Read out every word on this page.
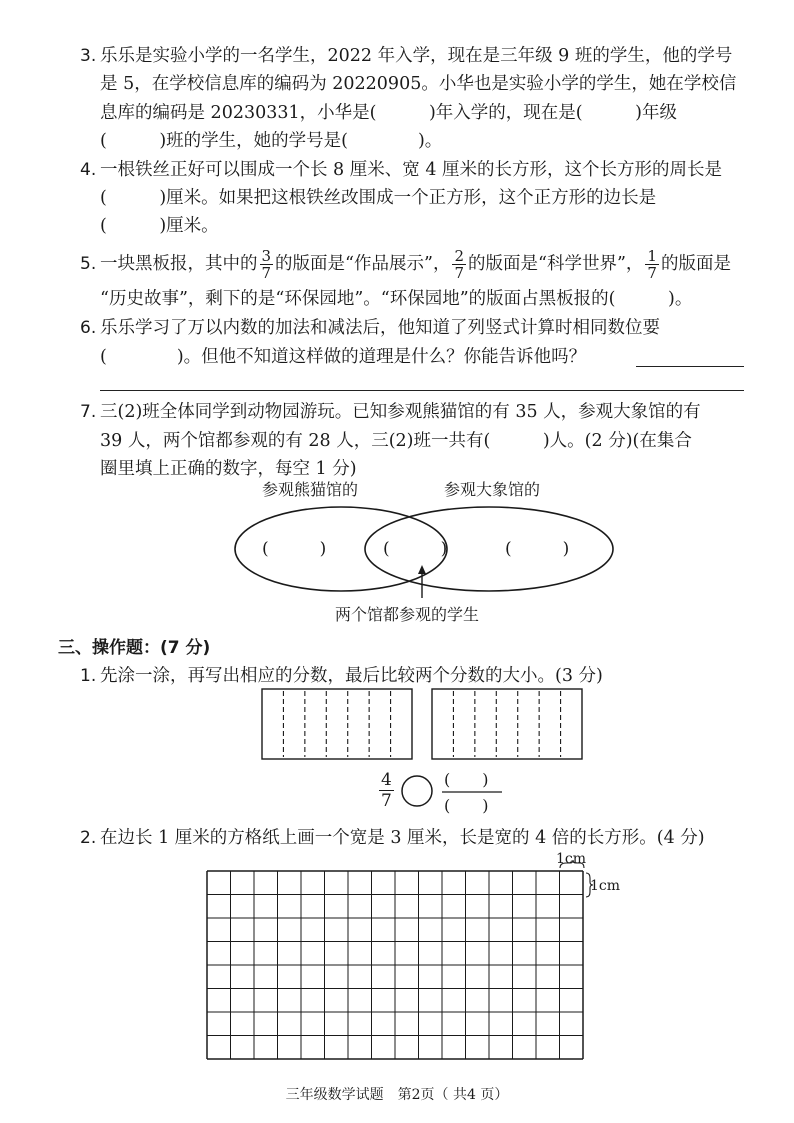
3. 乐乐是实验小学的一名学生，2022 年入学，现在是三年级 9 班的学生，他的学号
是 5，在学校信息库的编码为 20220905。小华也是实验小学的学生，她在学校信
息库的编码是 20230331，小华是(　　　)年入学的，现在是(　　　)年级
(　　　)班的学生，她的学号是(　　　　)。
4. 一根铁丝正好可以围成一个长 8 厘米、宽 4 厘米的长方形，这个长方形的周长是
(　　　)厘米。如果把这根铁丝改围成一个正方形，这个正方形的边长是
(　　　)厘米。
5. 一块黑板报，其中的 $\frac{3}{7}$ 的版面是“作品展示”， $\frac{2}{7}$ 的版面是“科学世界”， $\frac{1}{7}$ 的版面是
“历史故事”，剩下的是“环保园地”。“环保园地”的版面占黑板报的(　　　)。
6. 乐乐学习了万以内数的加法和减法后，他知道了列竖式计算时相同数位要
(　　　　)。但他不知道这样做的道理是什么？你能告诉他吗？
7. 三(2)班全体同学到动物园游玩。已知参观熊猫馆的有 35 人，参观大象馆的有
39 人，两个馆都参观的有 28 人，三(2)班一共有(　　　)人。(2 分)(在集合
圈里填上正确的数字，每空 1 分)
参观熊猫馆的	参观大象馆的
(　　　)	(　　　)	(　　　)
两个馆都参观的学生
三、操作题：(7 分)
1. 先涂一涂，再写出相应的分数，最后比较两个分数的大小。(3 分)
$\frac{4}{7}$	(　　)
(　　)
2. 在边长 1 厘米的方格纸上画一个宽是 3 厘米，长是宽的 4 倍的长方形。(4 分)
1cm
1cm
三年级数学试题　第2页（ 共4 页）
